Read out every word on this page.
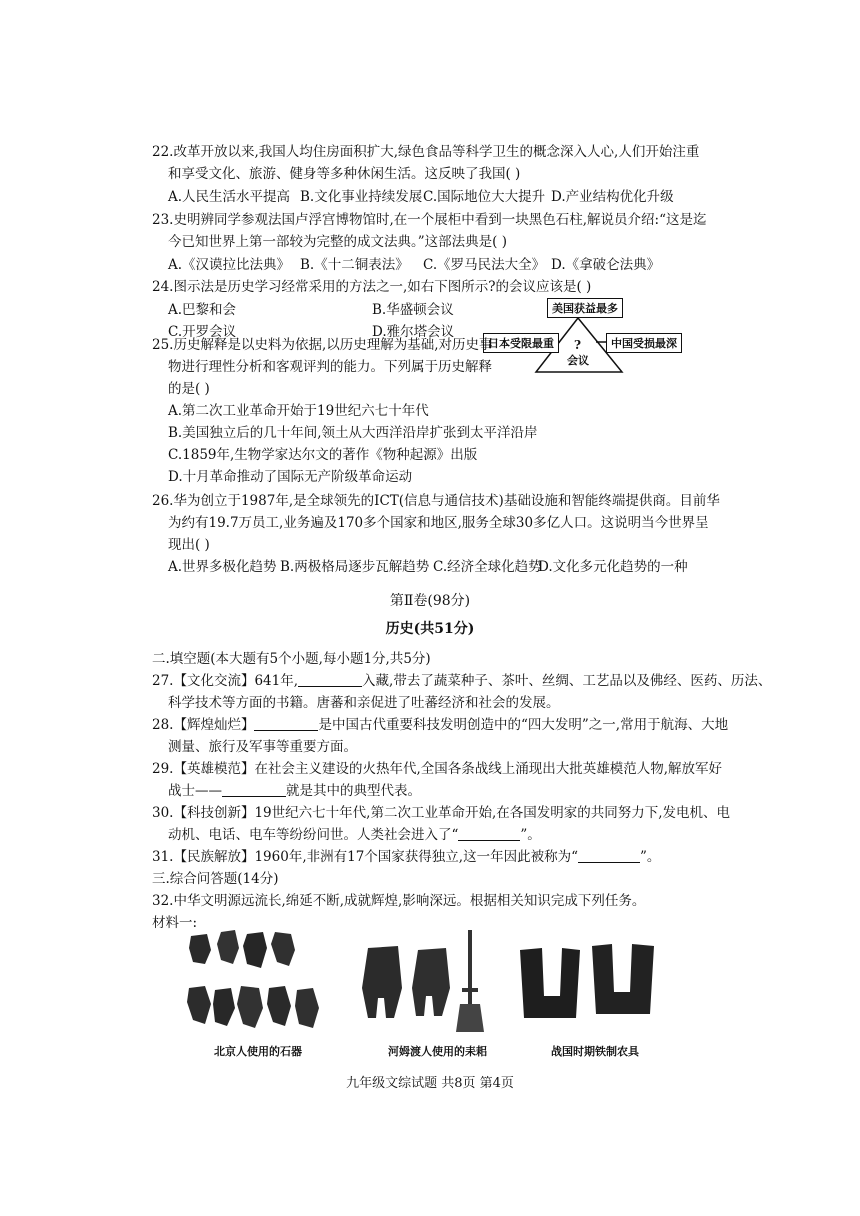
22.改革开放以来,我国人均住房面积扩大,绿色食品等科学卫生的概念深入人心,人们开始注重
和享受文化、旅游、健身等多种休闲生活。这反映了我国( )
A.人民生活水平提高 B.文化事业持续发展 C.国际地位大大提升 D.产业结构优化升级
23.史明辨同学参观法国卢浮宫博物馆时,在一个展柜中看到一块黑色石柱,解说员介绍:“这是迄
今已知世界上第一部较为完整的成文法典。”这部法典是( )
A.《汉谟拉比法典》 B.《十二铜表法》 C.《罗马民法大全》 D.《拿破仑法典》
24.图示法是历史学习经常采用的方法之一,如右下图所示?的会议应该是( )
A.巴黎和会	B.华盛顿会议
C.开罗会议	D.雅尔塔会议
美国获益最多
日本受限最重	中国受损最深
?
会议
25.历史解释是以史料为依据,以历史理解为基础,对历史事
物进行理性分析和客观评判的能力。下列属于历史解释
的是( )
A.第二次工业革命开始于19世纪六七十年代
B.美国独立后的几十年间,领土从大西洋沿岸扩张到太平洋沿岸
C.1859年,生物学家达尔文的著作《物种起源》出版
D.十月革命推动了国际无产阶级革命运动
26.华为创立于1987年,是全球领先的ICT(信息与通信技术)基础设施和智能终端提供商。目前华
为约有19.7万员工,业务遍及170多个国家和地区,服务全球30多亿人口。这说明当今世界呈
现出( )
A.世界多极化趋势 B.两极格局逐步瓦解趋势 C.经济全球化趋势
D.文化多元化趋势的一种
第Ⅱ卷(98分)
历史(共51分)
二.填空题(本大题有5个小题,每小题1分,共5分)
27.【文化交流】641年,	入藏,带去了蔬菜种子、茶叶、丝绸、工艺品以及佛经、医药、历法、
科学技术等方面的书籍。唐蕃和亲促进了吐蕃经济和社会的发展。
28.【辉煌灿烂】	是中国古代重要科技发明创造中的“四大发明”之一,常用于航海、大地
测量、旅行及军事等重要方面。
29.【英雄模范】在社会主义建设的火热年代,全国各条战线上涌现出大批英雄模范人物,解放军好
战士——	就是其中的典型代表。
30.【科技创新】19世纪六七十年代,第二次工业革命开始,在各国发明家的共同努力下,发电机、电
动机、电话、电车等纷纷问世。人类社会进入了“	”。
31.【民族解放】1960年,非洲有17个国家获得独立,这一年因此被称为“	”。
三.综合问答题(14分)
32.中华文明源远流长,绵延不断,成就辉煌,影响深远。根据相关知识完成下列任务。
材料一:
北京人使用的石器	河姆渡人使用的耒耜	战国时期铁制农具
九年级文综试题 共8页 第4页
